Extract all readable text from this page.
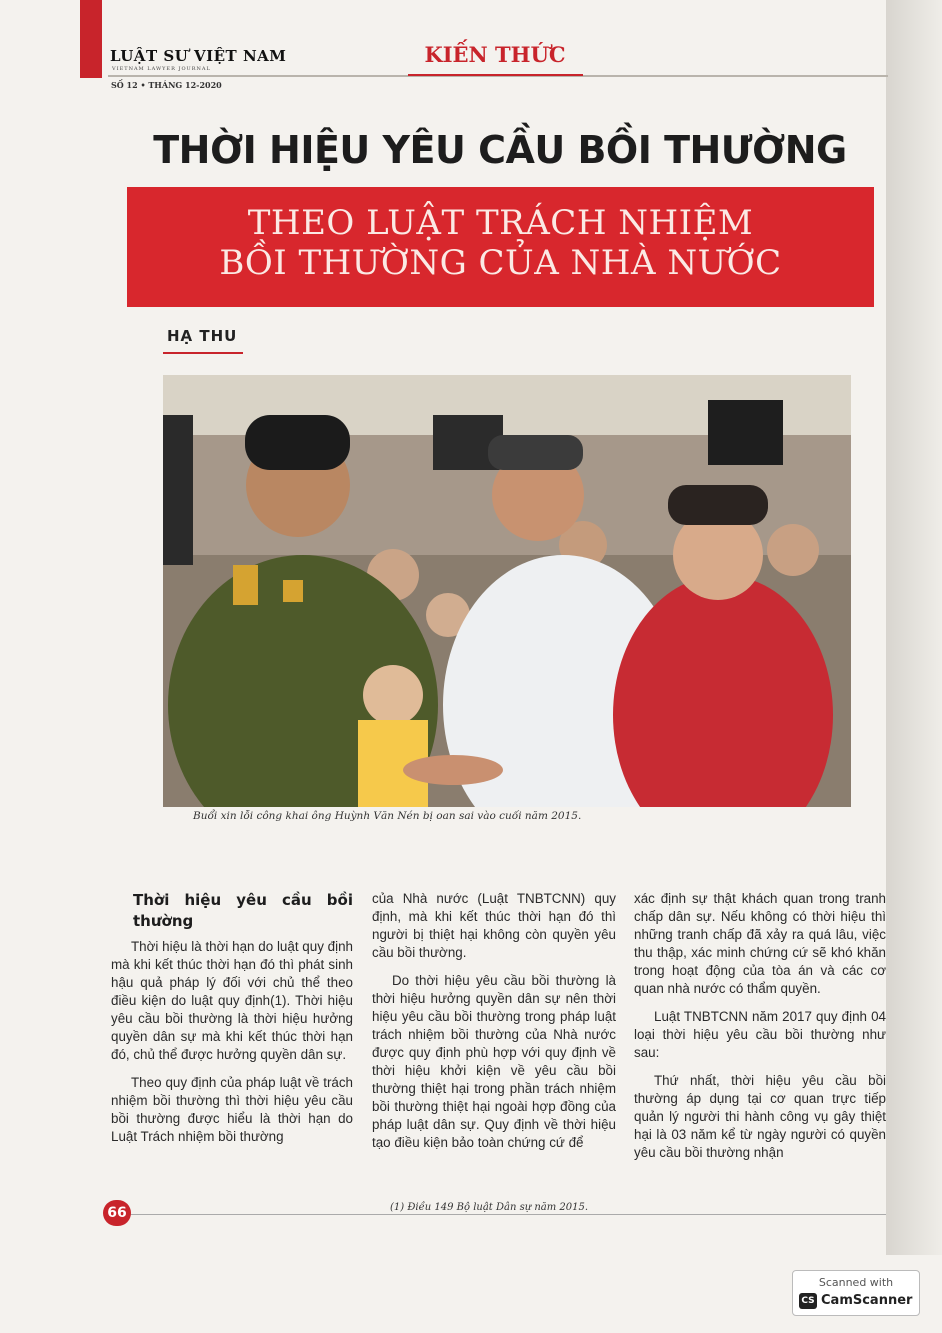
LUẬT SƯ VIỆT NAM
VIETNAM LAWYER JOURNAL
SỐ 12 • THÁNG 12-2020
KIẾN THỨC
THỜI HIỆU YÊU CẦU BỒI THƯỜNG
THEO LUẬT TRÁCH NHIỆM
BỒI THƯỜNG CỦA NHÀ NƯỚC
HẠ THU
Buổi xin lỗi công khai ông Huỳnh Văn Nén bị oan sai vào cuối năm 2015.
Thời hiệu yêu cầu bồi thường

Thời hiệu là thời hạn do luật quy định mà khi kết thúc thời hạn đó thì phát sinh hậu quả pháp lý đối với chủ thể theo điều kiện do luật quy định(1). Thời hiệu yêu cầu bồi thường là thời hiệu hưởng quyền dân sự mà khi kết thúc thời hạn đó, chủ thể được hưởng quyền dân sự.

Theo quy định của pháp luật về trách nhiệm bồi thường thì thời hiệu yêu cầu bồi thường được hiểu là thời hạn do Luật Trách nhiệm bồi thường

của Nhà nước (Luật TNBTCNN) quy định, mà khi kết thúc thời hạn đó thì người bị thiệt hại không còn quyền yêu cầu bồi thường.

Do thời hiệu yêu cầu bồi thường là thời hiệu hưởng quyền dân sự nên thời hiệu yêu cầu bồi thường trong pháp luật trách nhiệm bồi thường của Nhà nước được quy định phù hợp với quy định về thời hiệu khởi kiện về yêu cầu bồi thường thiệt hại trong phần trách nhiệm bồi thường thiệt hại ngoài hợp đồng của pháp luật dân sự. Quy định về thời hiệu tạo điều kiện bảo toàn chứng cứ để

xác định sự thật khách quan trong tranh chấp dân sự. Nếu không có thời hiệu thì những tranh chấp đã xảy ra quá lâu, việc thu thập, xác minh chứng cứ sẽ khó khăn trong hoạt động của tòa án và các cơ quan nhà nước có thẩm quyền.

Luật TNBTCNN năm 2017 quy định 04 loại thời hiệu yêu cầu bồi thường như sau:

Thứ nhất, thời hiệu yêu cầu bồi thường áp dụng tại cơ quan trực tiếp quản lý người thi hành công vụ gây thiệt hại là 03 năm kể từ ngày người có quyền yêu cầu bồi thường nhận

66	(1) Điều 149 Bộ luật Dân sự năm 2015.
Scanned with
CS CamScanner
